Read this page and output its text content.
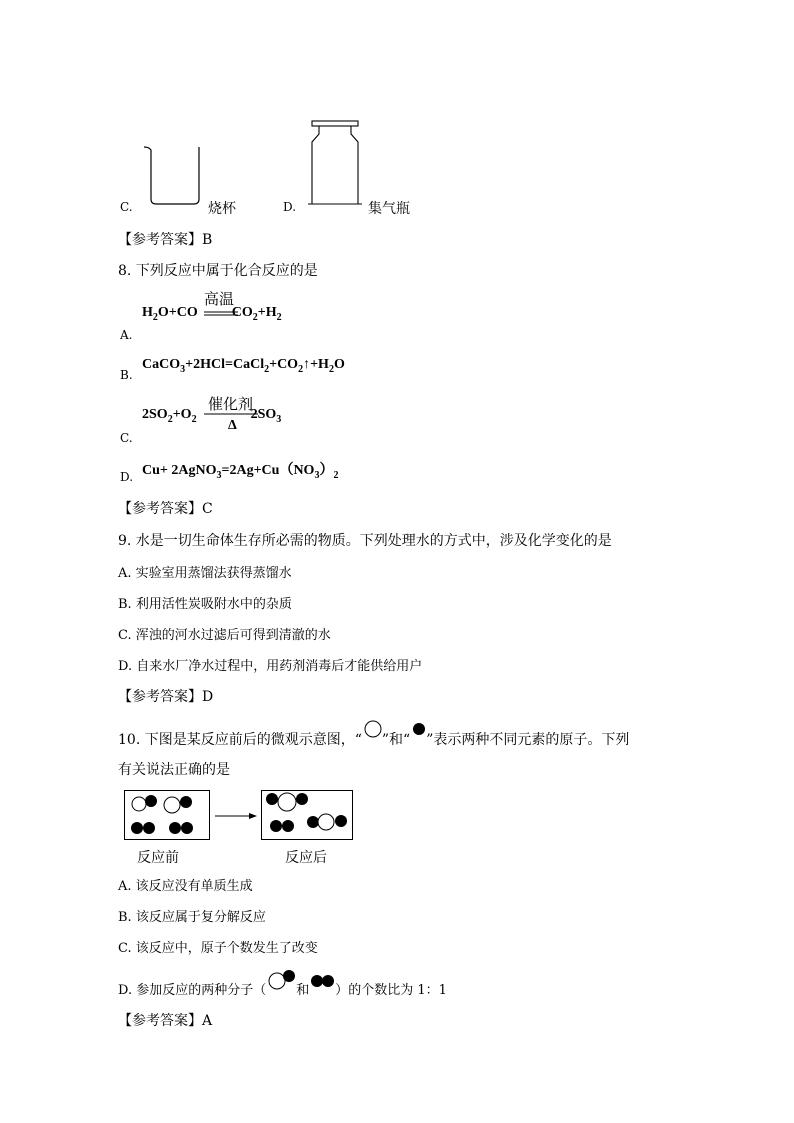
C.	烧杯	D.	集气瓶
【参考答案】B
8. 下列反应中属于化合反应的是
高温
$H_2O+CO$ $CO_2+H_2$
A.
B.
$CaCO_3+2HCl=CaCl_2+CO_2↑+H_2O$
催化剂
Δ
$2SO_2+O_2$	$2SO_3$
C.
D. $Cu+ 2AgNO_3=2Ag+Cu(NO_3)_2$
【参考答案】C
9. 水是一切生命体生存所必需的物质。下列处理水的方式中，涉及化学变化的是
A. 实验室用蒸馏法获得蒸馏水
B. 利用活性炭吸附水中的杂质
C. 浑浊的河水过滤后可得到清澈的水
D. 自来水厂净水过程中，用药剂消毒后才能供给用户
【参考答案】D
10. 下图是某反应前后的微观示意图，“ ”和“ ”表示两种不同元素的原子。下列
有关说法正确的是
反应前	反应后
A. 该反应没有单质生成
B. 该反应属于复分解反应
C. 该反应中，原子个数发生了改变
D. 参加反应的两种分子（ 和 ）的个数比为 1：1
【参考答案】A
